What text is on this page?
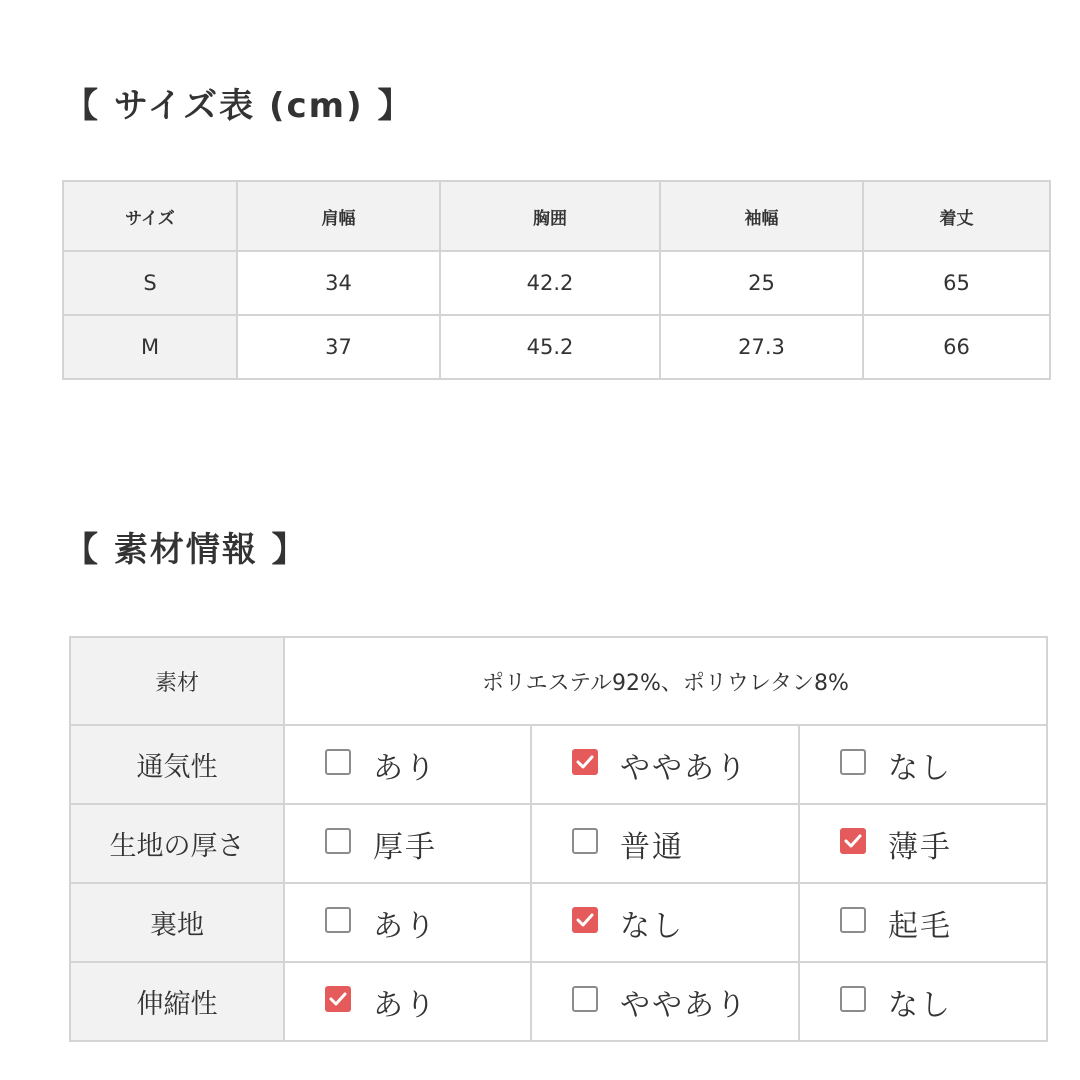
【 サイズ表 (cm) 】
サイズ	肩幅	胸囲	袖幅	着丈
S	34	42.2	25	65
M	37	45.2	27.3	66
【 素材情報 】
素材	ポリエステル92%、ポリウレタン8%		
通気性	あり	ややあり	なし
生地の厚さ	厚手	普通	薄手
裏地	あり	なし	起毛
伸縮性	あり	ややあり	なし
